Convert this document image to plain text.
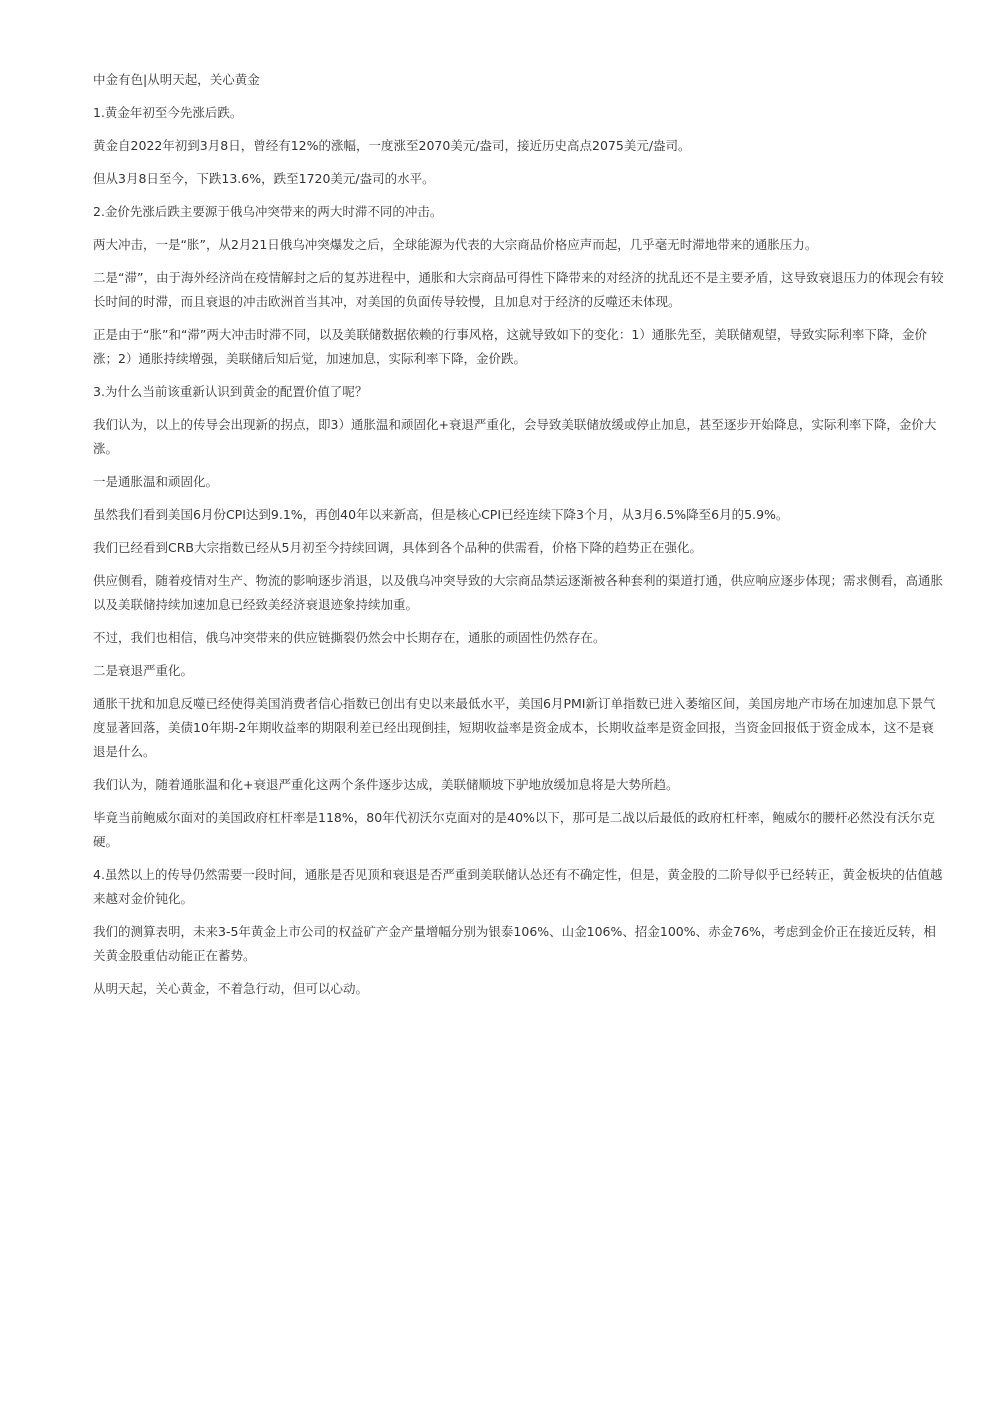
中金有色|从明天起，关心黄金

1.黄金年初至今先涨后跌。

黄金自2022年初到3月8日，曾经有12%的涨幅，一度涨至2070美元/盎司，接近历史高点2075美元/盎司。

但从3月8日至今，下跌13.6%，跌至1720美元/盎司的水平。

2.金价先涨后跌主要源于俄乌冲突带来的两大时滞不同的冲击。

两大冲击，一是“胀”，从2月21日俄乌冲突爆发之后，全球能源为代表的大宗商品价格应声而起，几乎毫无时滞地带来的通胀压力。

二是“滞”，由于海外经济尚在疫情解封之后的复苏进程中，通胀和大宗商品可得性下降带来的对经济的扰乱还不是主要矛盾，这导致衰退压力的体现会有较长时间的时滞，而且衰退的冲击欧洲首当其冲，对美国的负面传导较慢，且加息对于经济的反噬还未体现。

正是由于“胀”和“滞”两大冲击时滞不同，以及美联储数据依赖的行事风格，这就导致如下的变化：1）通胀先至，美联储观望，导致实际利率下降，金价涨；2）通胀持续增强，美联储后知后觉，加速加息，实际利率下降，金价跌。

3.为什么当前该重新认识到黄金的配置价值了呢？

我们认为，以上的传导会出现新的拐点，即3）通胀温和顽固化+衰退严重化，会导致美联储放缓或停止加息，甚至逐步开始降息，实际利率下降，金价大涨。

一是通胀温和顽固化。

虽然我们看到美国6月份CPI达到9.1%，再创40年以来新高，但是核心CPI已经连续下降3个月，从3月6.5%降至6月的5.9%。

我们已经看到CRB大宗指数已经从5月初至今持续回调，具体到各个品种的供需看，价格下降的趋势正在强化。

供应侧看，随着疫情对生产、物流的影响逐步消退，以及俄乌冲突导致的大宗商品禁运逐渐被各种套利的渠道打通，供应响应逐步体现；需求侧看，高通胀以及美联储持续加速加息已经致美经济衰退迹象持续加重。

不过，我们也相信，俄乌冲突带来的供应链撕裂仍然会中长期存在，通胀的顽固性仍然存在。

二是衰退严重化。

通胀干扰和加息反噬已经使得美国消费者信心指数已创出有史以来最低水平，美国6月PMI新订单指数已进入萎缩区间，美国房地产市场在加速加息下景气度显著回落，美债10年期-2年期收益率的期限利差已经出现倒挂，短期收益率是资金成本，长期收益率是资金回报，当资金回报低于资金成本，这不是衰退是什么。

我们认为，随着通胀温和化+衰退严重化这两个条件逐步达成，美联储顺坡下驴地放缓加息将是大势所趋。

毕竟当前鲍威尔面对的美国政府杠杆率是118%，80年代初沃尔克面对的是40%以下，那可是二战以后最低的政府杠杆率，鲍威尔的腰杆必然没有沃尔克硬。

4.虽然以上的传导仍然需要一段时间，通胀是否见顶和衰退是否严重到美联储认怂还有不确定性，但是，黄金股的二阶导似乎已经转正，黄金板块的估值越来越对金价钝化。

我们的测算表明，未来3-5年黄金上市公司的权益矿产金产量增幅分别为银泰106%、山金106%、招金100%、赤金76%，考虑到金价正在接近反转，相关黄金股重估动能正在蓄势。

从明天起，关心黄金，不着急行动，但可以心动。
